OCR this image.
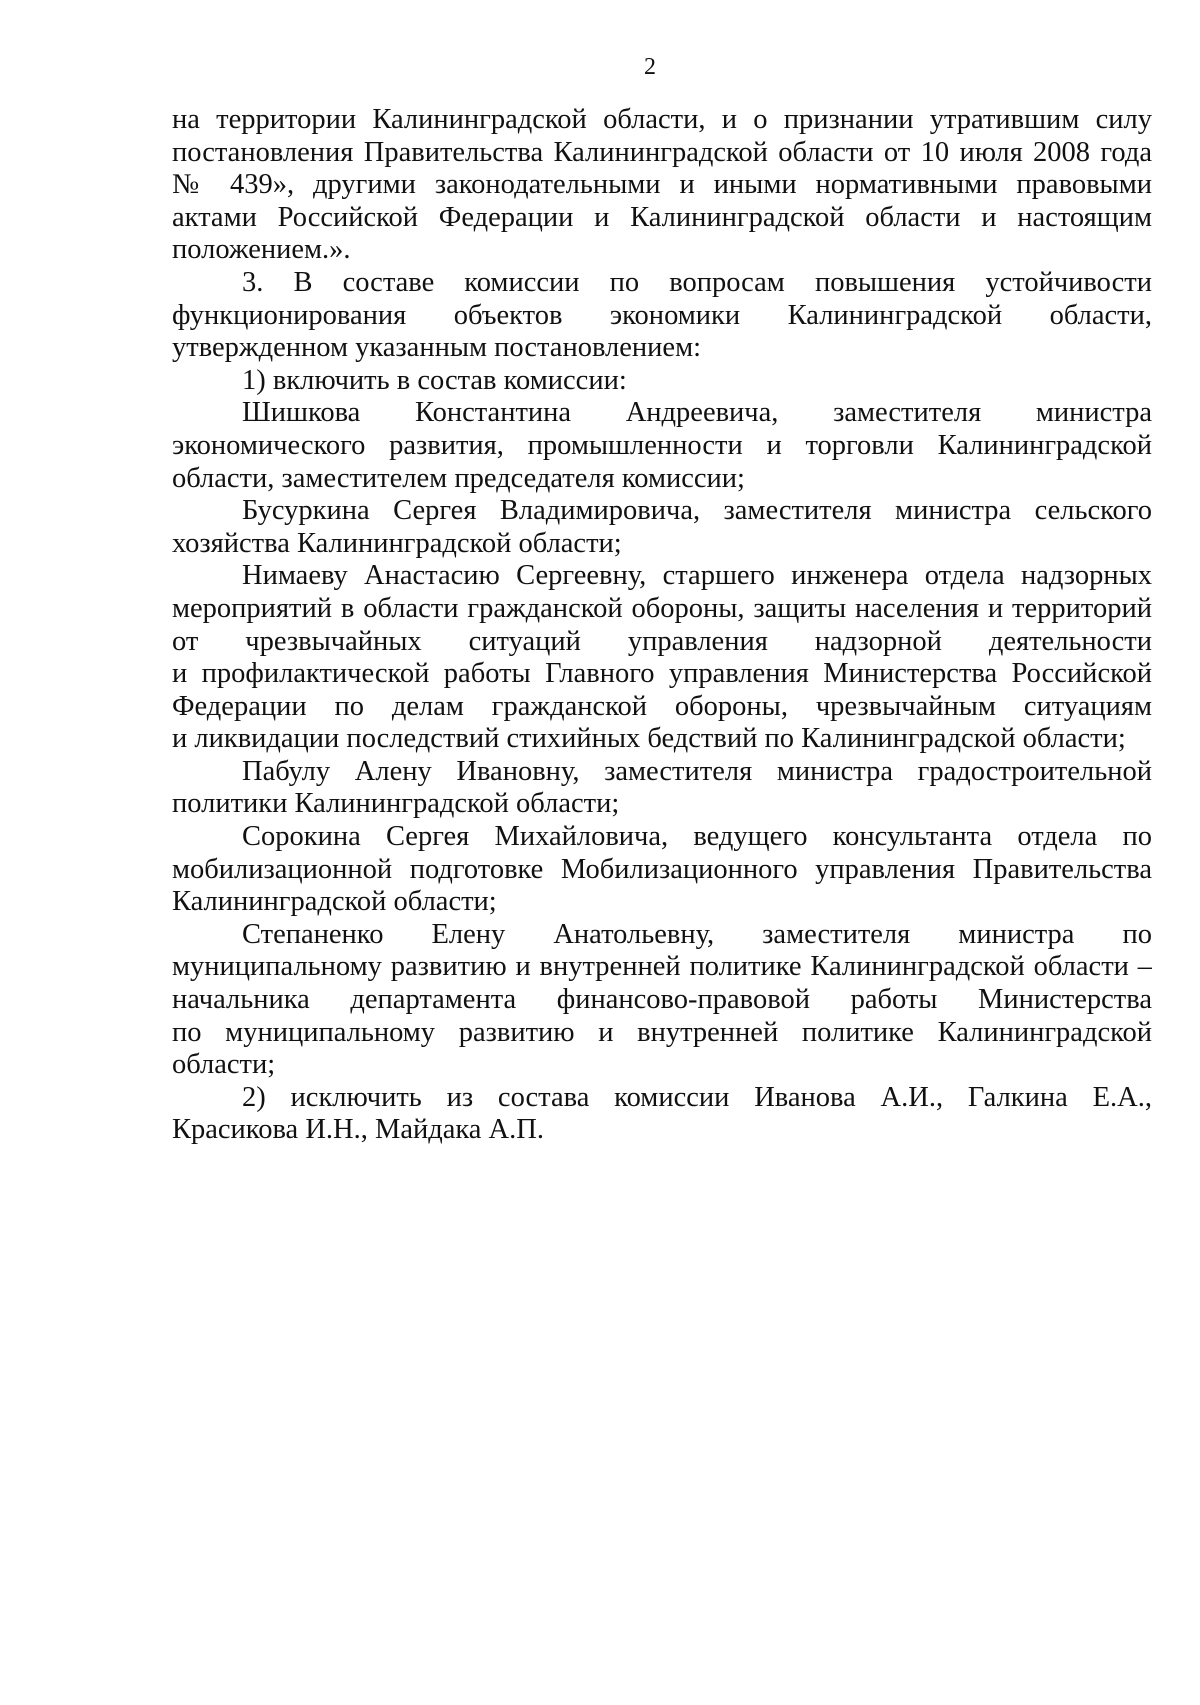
2
на территории Калининградской области, и о признании утратившим силу
постановления Правительства Калининградской области от 10 июля 2008 года
№ 439», другими законодательными и иными нормативными правовыми
актами Российской Федерации и Калининградской области и настоящим
положением.».
3. В составе комиссии по вопросам повышения устойчивости
функционирования объектов экономики Калининградской области,
утвержденном указанным постановлением:
1) включить в состав комиссии:
Шишкова Константина Андреевича, заместителя министра
экономического развития, промышленности и торговли Калининградской
области, заместителем председателя комиссии;
Бусуркина Сергея Владимировича, заместителя министра сельского
хозяйства Калининградской области;
Нимаеву Анастасию Сергеевну, старшего инженера отдела надзорных
мероприятий в области гражданской обороны, защиты населения и территорий
от чрезвычайных ситуаций управления надзорной деятельности
и профилактической работы Главного управления Министерства Российской
Федерации по делам гражданской обороны, чрезвычайным ситуациям
и ликвидации последствий стихийных бедствий по Калининградской области;
Пабулу Алену Ивановну, заместителя министра градостроительной
политики Калининградской области;
Сорокина Сергея Михайловича, ведущего консультанта отдела по
мобилизационной подготовке Мобилизационного управления Правительства
Калининградской области;
Степаненко Елену Анатольевну, заместителя министра по
муниципальному развитию и внутренней политике Калининградской области –
начальника департамента финансово-правовой работы Министерства
по муниципальному развитию и внутренней политике Калининградской
области;
2) исключить из состава комиссии Иванова А.И., Галкина Е.А.,
Красикова И.Н., Майдака А.П.
